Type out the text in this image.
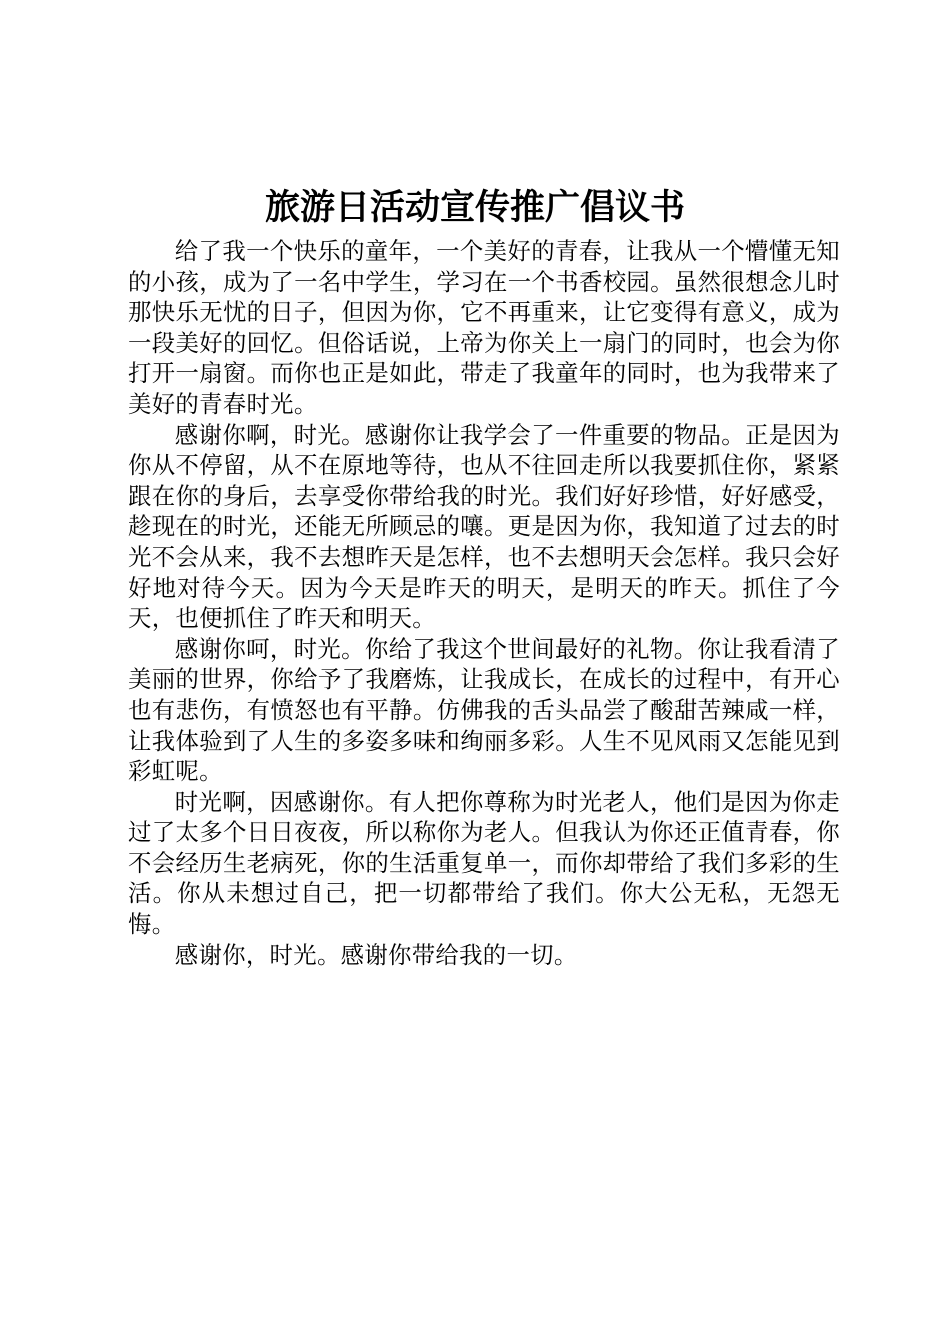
旅游日活动宣传推广倡议书

给了我一个快乐的童年，一个美好的青春，让我从一个懵懂无知的小孩，成为了一名中学生，学习在一个书香校园。虽然很想念儿时那快乐无忧的日子，但因为你，它不再重来，让它变得有意义，成为一段美好的回忆。但俗话说，上帝为你关上一扇门的同时，也会为你打开一扇窗。而你也正是如此，带走了我童年的同时，也为我带来了美好的青春时光。

感谢你啊，时光。感谢你让我学会了一件重要的物品。正是因为你从不停留，从不在原地等待，也从不往回走所以我要抓住你，紧紧跟在你的身后，去享受你带给我的时光。我们好好珍惜，好好感受，趁现在的时光，还能无所顾忌的嚷。更是因为你，我知道了过去的时光不会从来，我不去想昨天是怎样，也不去想明天会怎样。我只会好好地对待今天。因为今天是昨天的明天，是明天的昨天。抓住了今天，也便抓住了昨天和明天。

感谢你呵，时光。你给了我这个世间最好的礼物。你让我看清了美丽的世界，你给予了我磨炼，让我成长，在成长的过程中，有开心也有悲伤，有愤怒也有平静。仿佛我的舌头品尝了酸甜苦辣咸一样，让我体验到了人生的多姿多味和绚丽多彩。人生不见风雨又怎能见到彩虹呢。

时光啊，因感谢你。有人把你尊称为时光老人，他们是因为你走过了太多个日日夜夜，所以称你为老人。但我认为你还正值青春，你不会经历生老病死，你的生活重复单一，而你却带给了我们多彩的生活。你从未想过自己，把一切都带给了我们。你大公无私，无怨无悔。

感谢你，时光。感谢你带给我的一切。
